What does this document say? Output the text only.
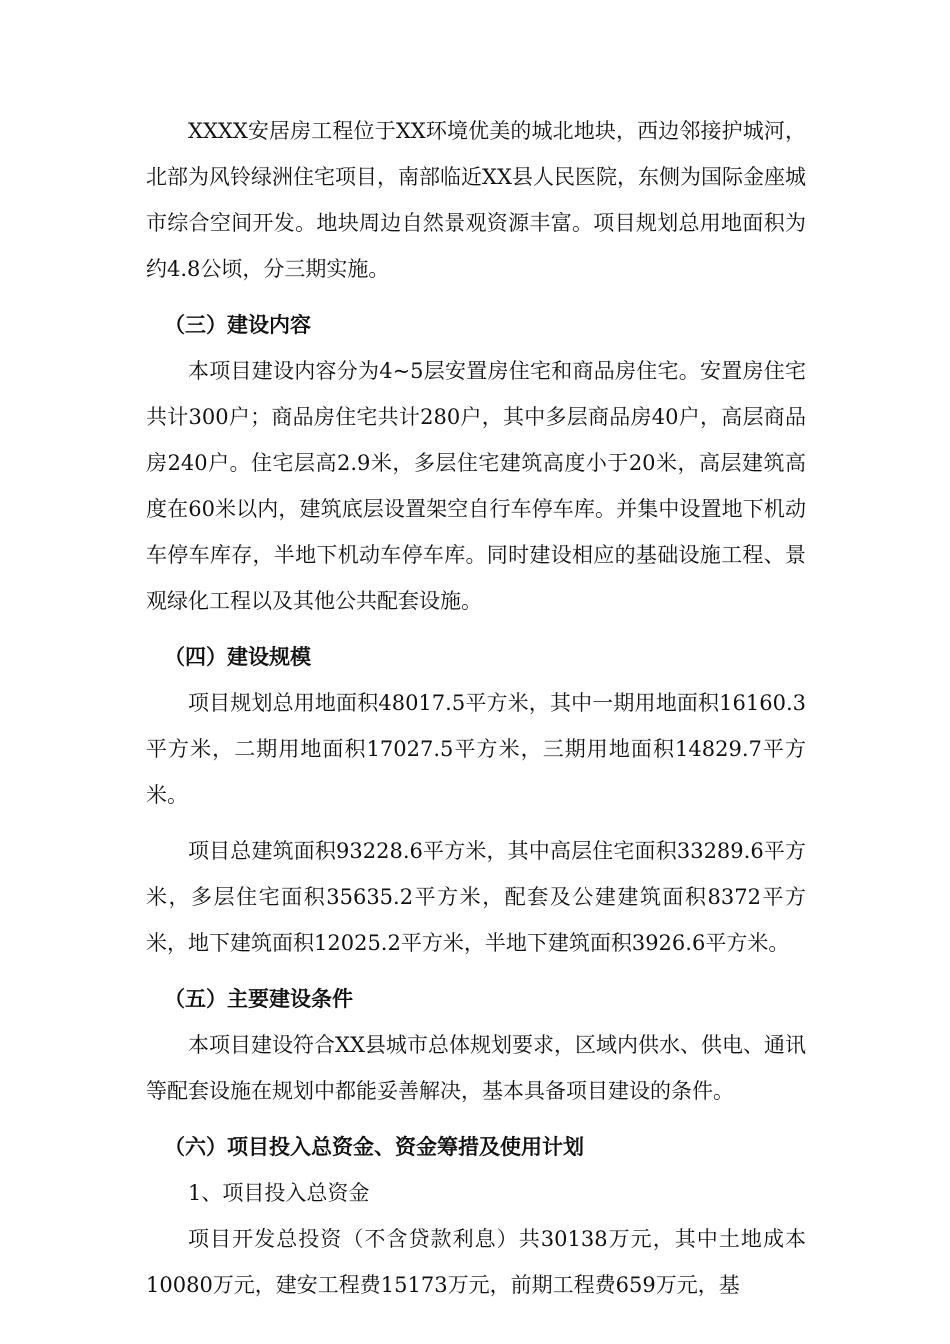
XXXX安居房工程位于XX环境优美的城北地块，西边邻接护城河，北部为风铃绿洲住宅项目，南部临近XX县人民医院，东侧为国际金座城市综合空间开发。地块周边自然景观资源丰富。项目规划总用地面积为约4.8公顷，分三期实施。

（三）建设内容

本项目建设内容分为4~5层安置房住宅和商品房住宅。安置房住宅共计300户；商品房住宅共计280户，其中多层商品房40户，高层商品房240户。住宅层高2.9米，多层住宅建筑高度小于20米，高层建筑高度在60米以内，建筑底层设置架空自行车停车库。并集中设置地下机动车停车库存，半地下机动车停车库。同时建设相应的基础设施工程、景观绿化工程以及其他公共配套设施。

（四）建设规模

项目规划总用地面积48017.5平方米，其中一期用地面积16160.3平方米，二期用地面积17027.5平方米，三期用地面积14829.7平方米。

项目总建筑面积93228.6平方米，其中高层住宅面积33289.6平方米，多层住宅面积35635.2平方米，配套及公建建筑面积8372平方米，地下建筑面积12025.2平方米，半地下建筑面积3926.6平方米。

（五）主要建设条件

本项目建设符合XX县城市总体规划要求，区域内供水、供电、通讯等配套设施在规划中都能妥善解决，基本具备项目建设的条件。

（六）项目投入总资金、资金筹措及使用计划

1、项目投入总资金

项目开发总投资（不含贷款利息）共30138万元，其中土地成本10080万元，建安工程费15173万元，前期工程费659万元，基
